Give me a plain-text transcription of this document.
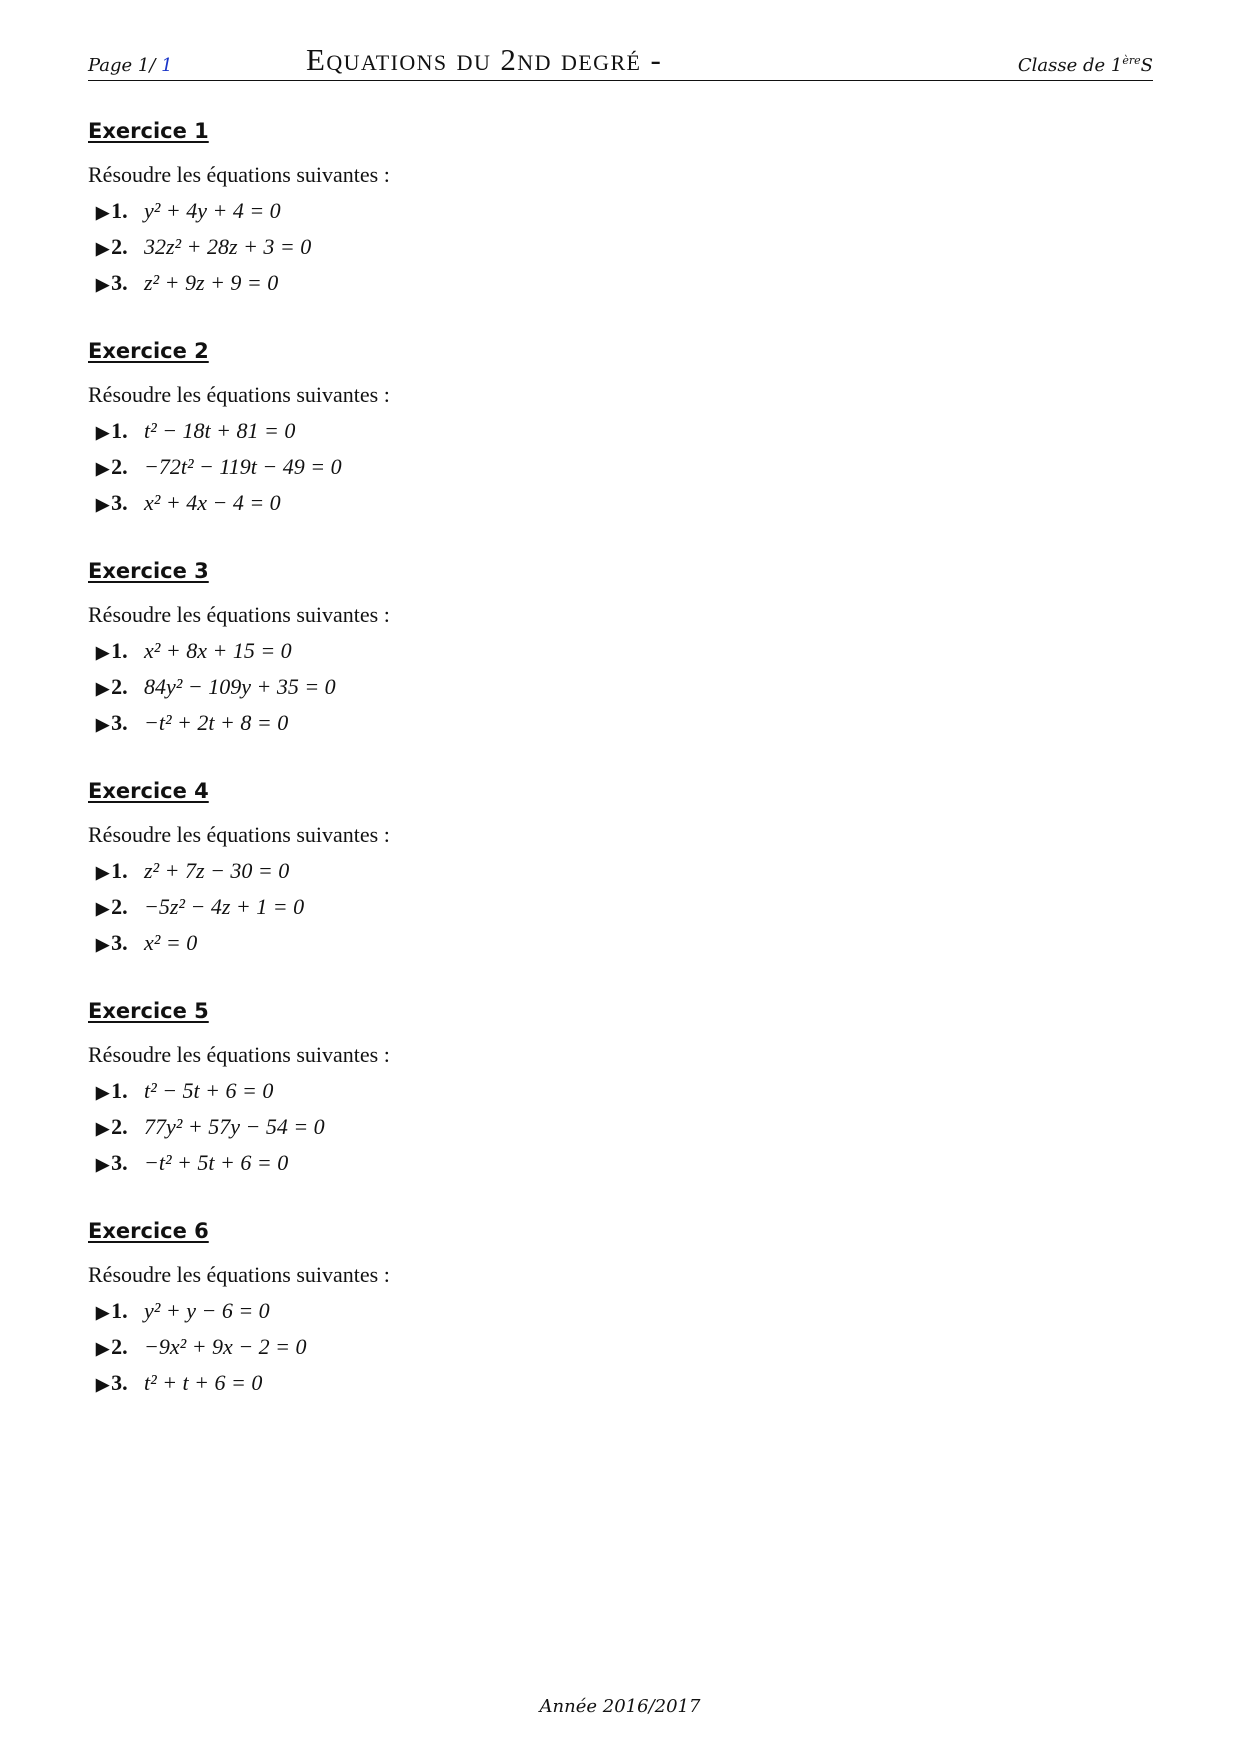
Page 1/ 1	Equations du 2nd degré -	Classe de 1èreS
Exercice 1
Résoudre les équations suivantes :
▶1. y² + 4y + 4 = 0
▶2. 32z² + 28z + 3 = 0
▶3. z² + 9z + 9 = 0
Exercice 2
Résoudre les équations suivantes :
▶1. t² − 18t + 81 = 0
▶2. −72t² − 119t − 49 = 0
▶3. x² + 4x − 4 = 0
Exercice 3
Résoudre les équations suivantes :
▶1. x² + 8x + 15 = 0
▶2. 84y² − 109y + 35 = 0
▶3. −t² + 2t + 8 = 0
Exercice 4
Résoudre les équations suivantes :
▶1. z² + 7z − 30 = 0
▶2. −5z² − 4z + 1 = 0
▶3. x² = 0
Exercice 5
Résoudre les équations suivantes :
▶1. t² − 5t + 6 = 0
▶2. 77y² + 57y − 54 = 0
▶3. −t² + 5t + 6 = 0
Exercice 6
Résoudre les équations suivantes :
▶1. y² + y − 6 = 0
▶2. −9x² + 9x − 2 = 0
▶3. t² + t + 6 = 0
Année 2016/2017
